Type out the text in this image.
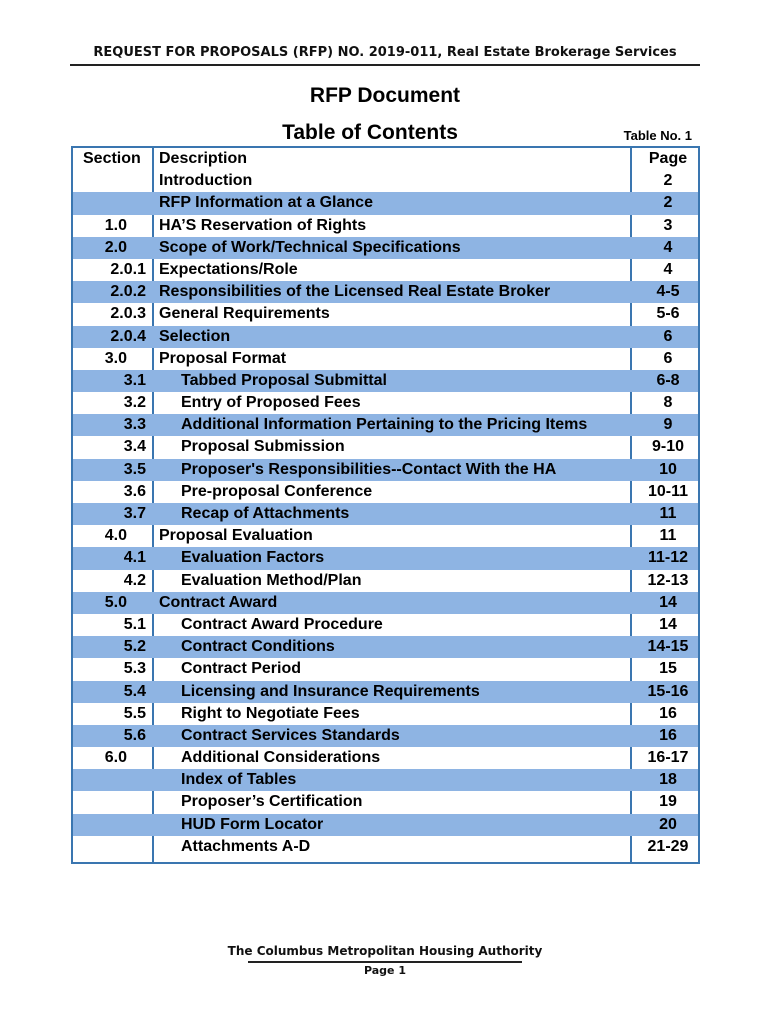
REQUEST FOR PROPOSALS (RFP) NO. 2019-011, Real Estate Brokerage Services
RFP Document
Table of Contents	Table No. 1
Section Description	Page
Introduction	2
RFP Information at a Glance	2
1.0 HA’S Reservation of Rights	3
2.0 Scope of Work/Technical Specifications	4
2.0.1 Expectations/Role	4
2.0.2 Responsibilities of the Licensed Real Estate Broker	4-5
2.0.3 General Requirements	5-6
2.0.4 Selection	6
3.0 Proposal Format	6
3.1 Tabbed Proposal Submittal	6-8
3.2 Entry of Proposed Fees	8
3.3 Additional Information Pertaining to the Pricing Items	9
3.4 Proposal Submission	9-10
3.5 Proposer's Responsibilities--Contact With the HA	10
3.6 Pre-proposal Conference	10-11
3.7 Recap of Attachments	11
4.0 Proposal Evaluation	11
4.1 Evaluation Factors	11-12
4.2 Evaluation Method/Plan	12-13
5.0 Contract Award	14
5.1 Contract Award Procedure	14
5.2 Contract Conditions	14-15
5.3 Contract Period	15
5.4 Licensing and Insurance Requirements	15-16
5.5 Right to Negotiate Fees	16
5.6 Contract Services Standards	16
6.0	Additional Considerations	16-17
Index of Tables	18
Proposer’s Certification	19
HUD Form Locator	20
Attachments A-D	21-29
The Columbus Metropolitan Housing Authority
Page 1
